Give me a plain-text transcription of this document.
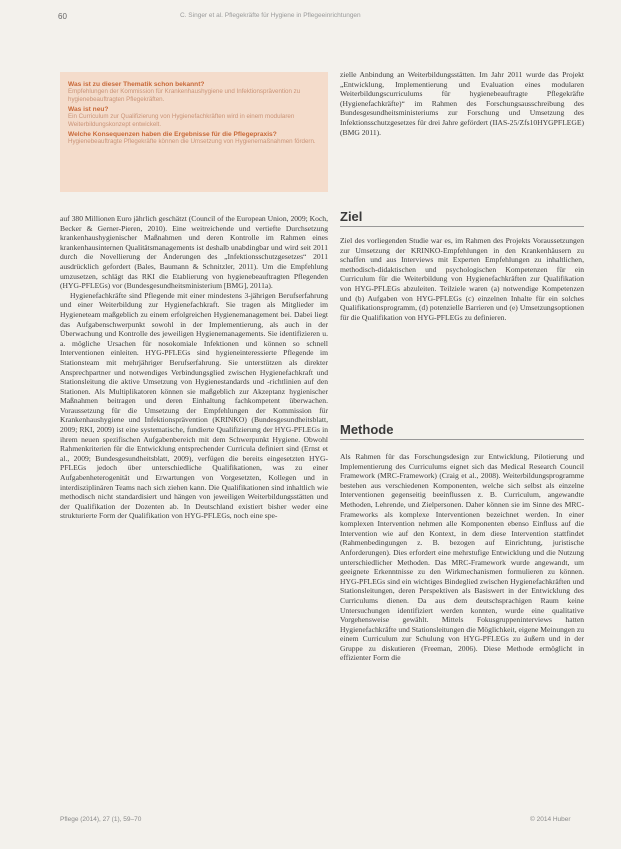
60	C. Singer et al. Pflegekräfte für Hygiene in Pflegeeinrichtungen
Was ist zu dieser Thematik schon bekannt?
Empfehlungen der Kommission für Krankenhaushygiene und Infektionsprävention zu hygienebeauftragten Pflegekräften.
Was ist neu?
Ein Curriculum zur Qualifizierung von Hygienefachkräften wird in einem modularen Weiterbildungskonzept entwickelt.
Welche Konsequenzen haben die Ergebnisse für die Pflegepraxis?
Hygienebeauftragte Pflegekräfte können die Umsetzung von Hygienemaßnahmen fördern.

auf 380 Millionen Euro jährlich geschätzt (Council of the European Union, 2009; Koch, Becker & Gerner-Pieren, 2010). Eine weitreichende und vertiefte Durchsetzung krankenhaushygienischer Maßnahmen und deren Kontrolle im Rahmen eines krankenhausinternen Qualitätsmanagements ist deshalb unabdingbar und wird seit 2011 durch die Novellierung der Änderungen des „Infektionsschutzgesetzes“ 2011 ausdrücklich gefordert (Bales, Baumann & Schnitzler, 2011). Um die Empfehlung umzusetzen, schlägt das RKI die Etablierung von hygienebeauftragten Pflegenden (HYG-PFLEGs) vor (Bundesgesundheitsministerium [BMG], 2011a).

Hygienefachkräfte sind Pflegende mit einer mindestens 3-jährigen Berufserfahrung und einer Weiterbildung zur Hygienefachkraft. Sie tragen als Mitglieder im Hygieneteam maßgeblich zu einem erfolgreichen Hygienemanagement bei. Dabei liegt das Aufgabenschwerpunkt sowohl in der Implementierung, als auch in der Überwachung und Kontrolle des jeweiligen Hygienemanagements. Sie identifizieren u. a. mögliche Ursachen für nosokomiale Infektionen und können so schnell Interventionen einleiten. HYG-PFLEGs sind hygieneinteressierte Pflegende im Stationsteam mit mehrjähriger Berufserfahrung. Sie unterstützen als direkter Ansprechpartner und notwendiges Verbindungsglied zwischen Hygienefachkraft und Stationsleitung die aktive Umsetzung von Hygienestandards und -richtlinien auf den Stationen. Als Multiplikatoren können sie maßgeblich zur Akzeptanz hygienischer Maßnahmen beitragen und deren Einhaltung fachkompetent überwachen. Voraussetzung für die Umsetzung der Empfehlungen der Kommission für Krankenhaushygiene und Infektionsprävention (KRINKO) (Bundesgesundheitsblatt, 2009; RKI, 2009) ist eine systematische, fundierte Qualifizierung der HYG-PFLEGs in ihrem neuen spezifischen Aufgabenbereich mit dem Schwerpunkt Hygiene. Obwohl Rahmenkriterien für die Entwicklung entsprechender Curricula definiert sind (Ernst et al., 2009; Bundesgesundheitsblatt, 2009), verfügen die bereits eingesetzten HYG-PFLEGs jedoch über unterschiedliche Qualifikationen, was zu einer Aufgabenheterogenität und Erwartungen von Vorgesetzten, Kollegen und in interdisziplinären Teams nach sich ziehen kann. Die Qualifikationen sind inhaltlich wie methodisch nicht standardisiert und hängen von jeweiligen Weiterbildungsstätten und der Qualifikation der Dozenten ab. In Deutschland existiert bisher weder eine strukturierte Form der Qualifikation von HYG-PFLEGs, noch eine spe-

zielle Anbindung an Weiterbildungsstätten. Im Jahr 2011 wurde das Projekt „Entwicklung, Implementierung und Evaluation eines modularen Weiterbildungscurriculums für hygienebeauftragte Pflegekräfte (Hygienefachkräfte)“ im Rahmen des Forschungsausschreibung des Bundesgesundheitsministeriums zur Forschung und Umsetzung des Infektionsschutzgesetzes für drei Jahre gefördert (IIAS-25/Zfs10HYGPFLEGE) (BMG 2011).

Ziel

Ziel des vorliegenden Studie war es, im Rahmen des Projekts Voraussetzungen zur Umsetzung der KRINKO-Empfehlungen in den Krankenhäusern zu schaffen und aus Interviews mit Experten Empfehlungen zu inhaltlichen, methodisch-didaktischen und psychologischen Kompetenzen für ein Curriculum für die Weiterbildung von Hygienefachkräften zur Qualifikation von HYG-PFLEGs abzuleiten. Teilziele waren (a) notwendige Kompetenzen und (b) Aufgaben von HYG-PFLEGs (c) einzelnen Inhalte für ein solches Qualifikationsprogramm, (d) potenzielle Barrieren und (e) Umsetzungsoptionen für die Qualifikation von HYG-PFLEGs zu definieren.

Methode

Als Rahmen für das Forschungsdesign zur Entwicklung, Pilotierung und Implementierung des Curriculums eignet sich das Medical Research Council Framework (MRC-Framework) (Craig et al., 2008). Weiterbildungsprogramme bestehen aus verschiedenen Komponenten, welche sich selbst als einzelne Interventionen gegenseitig beeinflussen z. B. Curriculum, angewandte Methoden, Lehrende, und Zielpersonen. Daher können sie im Sinne des MRC-Frameworks als komplexe Interventionen bezeichnet werden. In einer komplexen Intervention nehmen alle Komponenten ebenso Einfluss auf die Intervention wie auf den Kontext, in dem diese Intervention stattfindet (Rahmenbedingungen z. B. bezogen auf Einrichtung, juristische Anforderungen). Dies erfordert eine mehrstufige Entwicklung und die Nutzung unterschiedlicher Methoden. Das MRC-Framework wurde angewandt, um geeignete Erkenntnisse zu den Wirkmechanismen formulieren zu können. HYG-PFLEGs sind ein wichtiges Bindeglied zwischen Hygienefachkräften und Stationsleitungen, deren Perspektiven als Basiswert in der Entwicklung des Curriculums dienen. Da aus dem deutschsprachigen Raum keine Untersuchungen identifiziert werden konnten, wurde eine qualitative Vorgehensweise gewählt. Mittels Fokusgruppeninterviews hatten Hygienefachkräfte und Stationsleitungen die Möglichkeit, eigene Meinungen zu einem Curriculum zur Schulung von HYG-PFLEGs zu äußern und in der Gruppe zu diskutieren (Freeman, 2006). Diese Methode ermöglicht in effizienter Form die

Pflege (2014), 27 (1), 59–70	© 2014 Huber
